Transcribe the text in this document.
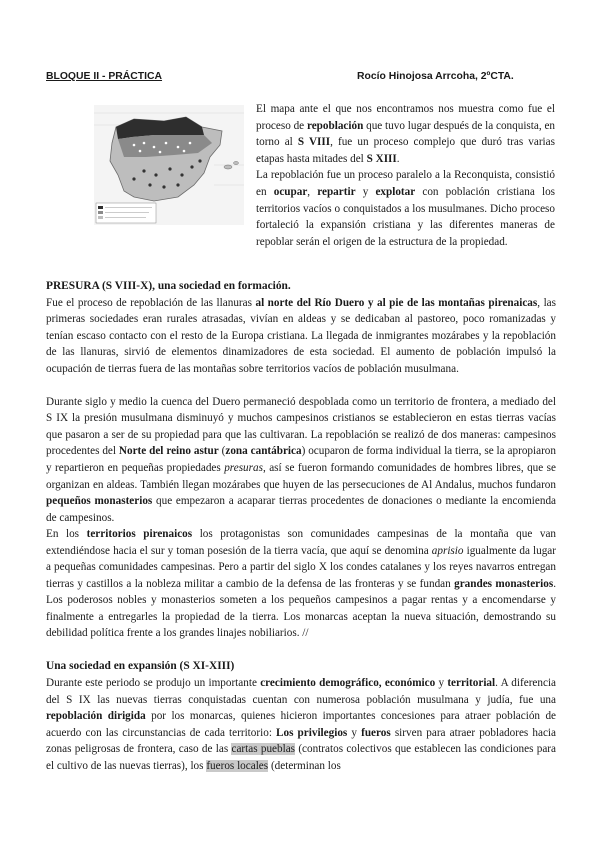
BLOQUE II - PRÁCTICA	Rocío Hinojosa Arrcoha, 2ºCTA.

El mapa ante el que nos encontramos nos muestra como fue el proceso de repoblación que tuvo lugar después de la conquista, en torno al S VIII, fue un proceso complejo que duró tras varias etapas hasta mitades del S XIII.

La repoblación fue un proceso paralelo a la Reconquista, consistió en ocupar, repartir y explotar con población cristiana los territorios vacíos o conquistados a los musulmanes. Dicho proceso fortaleció la expansión cristiana y las diferentes maneras de repoblar serán el origen de la estructura de la propiedad.

PRESURA (S VIII-X), una sociedad en formación.

Fue el proceso de repoblación de las llanuras al norte del Río Duero y al pie de las montañas pirenaicas, las primeras sociedades eran rurales atrasadas, vivían en aldeas y se dedicaban al pastoreo, poco romanizadas y tenían escaso contacto con el resto de la Europa cristiana. La llegada de inmigrantes mozárabes y la repoblación de las llanuras, sirvió de elementos dinamizadores de esta sociedad. El aumento de población impulsó la ocupación de tierras fuera de las montañas sobre territorios vacíos de población musulmana.

Durante siglo y medio la cuenca del Duero permaneció despoblada como un territorio de frontera, a mediado del S IX la presión musulmana disminuyó y muchos campesinos cristianos se establecieron en estas tierras vacías que pasaron a ser de su propiedad para que las cultivaran. La repoblación se realizó de dos maneras: campesinos procedentes del Norte del reino astur (zona cantábrica) ocuparon de forma individual la tierra, se la apropiaron y repartieron en pequeñas propiedades presuras, así se fueron formando comunidades de hombres libres, que se organizan en aldeas. También llegan mozárabes que huyen de las persecuciones de Al Andalus, muchos fundaron pequeños monasterios que empezaron a acaparar tierras procedentes de donaciones o mediante la encomienda de campesinos.

En los territorios pirenaicos los protagonistas son comunidades campesinas de la montaña que van extendiéndose hacia el sur y toman posesión de la tierra vacía, que aquí se denomina aprisio igualmente da lugar a pequeñas comunidades campesinas. Pero a partir del siglo X los condes catalanes y los reyes navarros entregan tierras y castillos a la nobleza militar a cambio de la defensa de las fronteras y se fundan grandes monasterios. Los poderosos nobles y monasterios someten a los pequeños campesinos a pagar rentas y a encomendarse y finalmente a entregarles la propiedad de la tierra. Los monarcas aceptan la nueva situación, demostrando su debilidad política frente a los grandes linajes nobiliarios. //

Una sociedad en expansión (S XI-XIII)

Durante este periodo se produjo un importante crecimiento demográfico, económico y territorial. A diferencia del S IX las nuevas tierras conquistadas cuentan con numerosa población musulmana y judía, fue una repoblación dirigida por los monarcas, quienes hicieron importantes concesiones para atraer población de acuerdo con las circunstancias de cada territorio: Los privilegios y fueros sirven para atraer pobladores hacia zonas peligrosas de frontera, caso de las cartas pueblas (contratos colectivos que establecen las condiciones para el cultivo de las nuevas tierras), los fueros locales (determinan los
